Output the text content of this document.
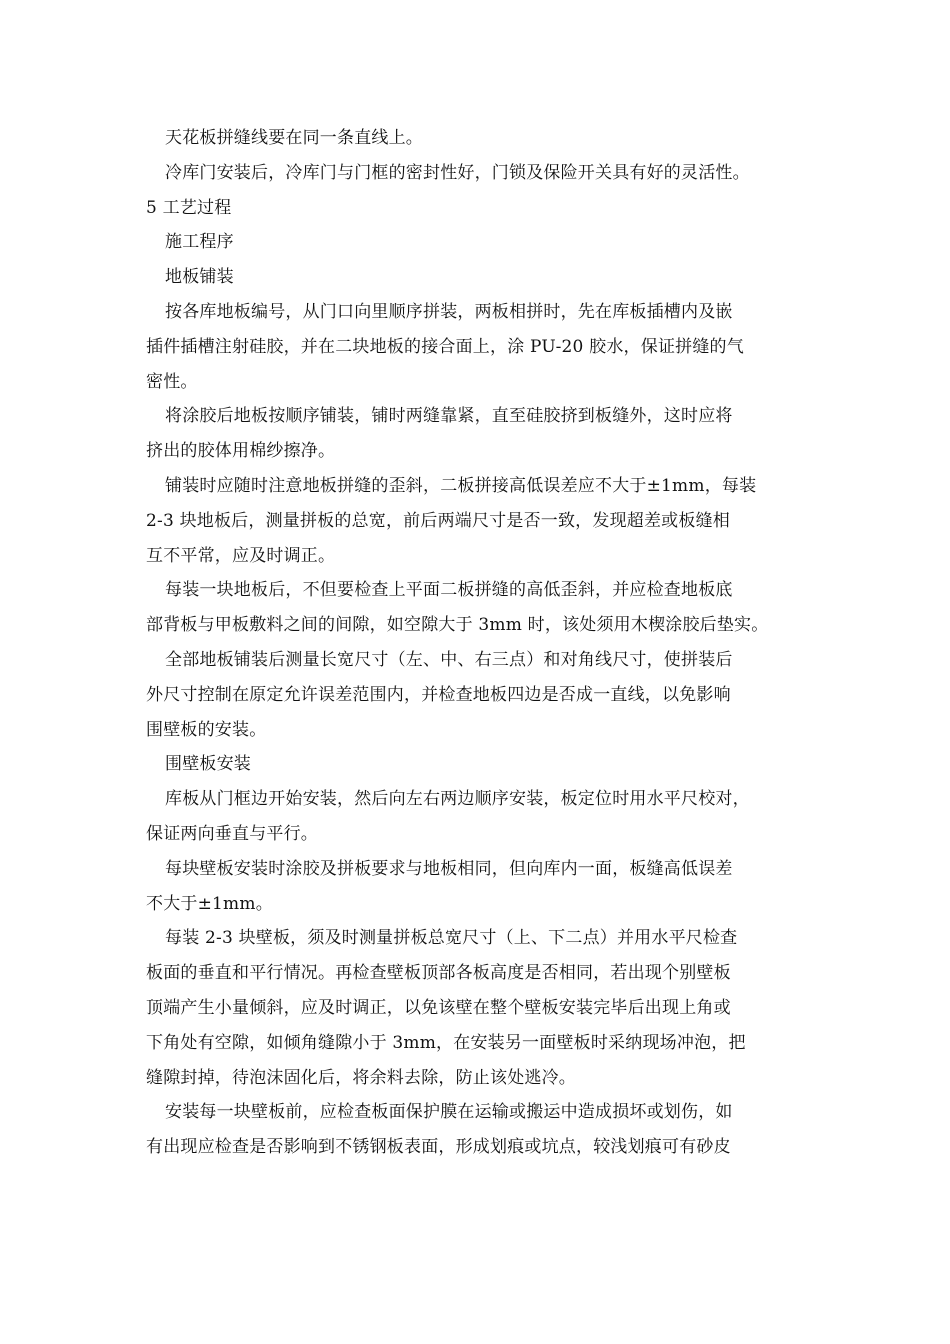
天花板拼缝线要在同一条直线上。
冷库门安装后，冷库门与门框的密封性好，门锁及保险开关具有好的灵活性。
5 工艺过程
施工程序
地板铺装
按各库地板编号，从门口向里顺序拼装，两板相拼时，先在库板插槽内及嵌
插件插槽注射硅胶，并在二块地板的接合面上，涂 PU-20 胶水，保证拼缝的气
密性。
将涂胶后地板按顺序铺装，铺时两缝靠紧，直至硅胶挤到板缝外，这时应将
挤出的胶体用棉纱擦净。
铺装时应随时注意地板拼缝的歪斜，二板拼接高低误差应不大于±1mm，每装
2-3 块地板后，测量拼板的总宽，前后两端尺寸是否一致，发现超差或板缝相
互不平常，应及时调正。
每装一块地板后，不但要检查上平面二板拼缝的高低歪斜，并应检查地板底
部背板与甲板敷料之间的间隙，如空隙大于 3mm 时，该处须用木楔涂胶后垫实。
全部地板铺装后测量长宽尺寸（左、中、右三点）和对角线尺寸，使拼装后
外尺寸控制在原定允许误差范围内，并检查地板四边是否成一直线，以免影响
围壁板的安装。
围壁板安装
库板从门框边开始安装，然后向左右两边顺序安装，板定位时用水平尺校对，
保证两向垂直与平行。
每块壁板安装时涂胶及拼板要求与地板相同，但向库内一面，板缝高低误差
不大于±1mm。
每装 2-3 块壁板，须及时测量拼板总宽尺寸（上、下二点）并用水平尺检查
板面的垂直和平行情况。再检查壁板顶部各板高度是否相同，若出现个别壁板
顶端产生小量倾斜，应及时调正，以免该壁在整个壁板安装完毕后出现上角或
下角处有空隙，如倾角缝隙小于 3mm，在安装另一面壁板时采纳现场冲泡，把
缝隙封掉，待泡沫固化后，将余料去除，防止该处逃冷。
安装每一块壁板前，应检查板面保护膜在运输或搬运中造成损坏或划伤，如
有出现应检查是否影响到不锈钢板表面，形成划痕或坑点，较浅划痕可有砂皮
